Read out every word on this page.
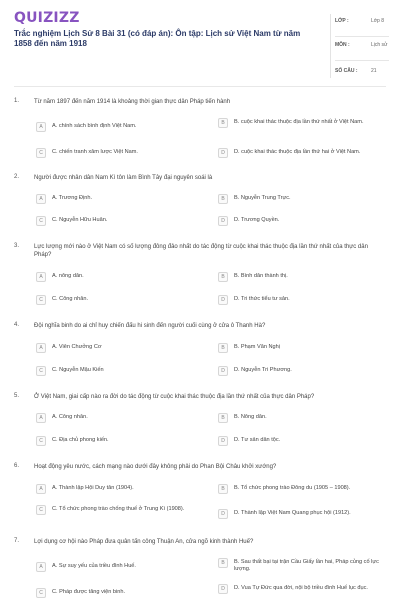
QUIZIZZ
Trắc nghiệm Lịch Sử 8 Bài 31 (có đáp án): Ôn tập: Lịch sử Việt Nam từ năm 1858 đến năm 1918
LỚP :	Lớp 8
MÔN :	Lịch sử
SỐ CÂU :	21
1. Từ năm 1897 đến năm 1914 là khoảng thời gian thực dân Pháp tiến hành
A	A. chính sách bình định Việt Nam.	B	B. cuộc khai thác thuộc địa lần thứ nhất ở Việt Nam.
C	C. chiến tranh xâm lược Việt Nam.	D	D. cuộc khai thác thuộc địa lần thứ hai ở Việt Nam.
2. Người được nhân dân Nam Kì tôn làm Bình Tây đại nguyên soái là
A	A. Trương Định.	B	B. Nguyễn Trung Trực.
C	C. Nguyễn Hữu Huân.	D	D. Trương Quyền.
3. Lực lượng mới nào ở Việt Nam có số lượng đông đảo nhất do tác động từ cuộc khai thác thuộc địa lần thứ nhất của thực dân Pháp?
A	A. nông dân.	B	B. Bình dân thành thị.
C	C. Công nhân.	D	D. Tri thức tiểu tư sản.
4. Đội nghĩa binh do ai chỉ huy chiến đấu hi sinh đến người cuối cùng ở cửa ô Thanh Hà?
A	A. Viên Chưởng Cơ	B	B. Phạm Văn Nghị
C	C. Nguyễn Mậu Kiến	D	D. Nguyễn Tri Phương.
5. Ở Việt Nam, giai cấp nào ra đời do tác động từ cuộc khai thác thuộc địa lần thứ nhất của thực dân Pháp?
A	A. Công nhân.	B	B. Nông dân.
C	C. Địa chủ phong kiến.	D	D. Tư sản dân tộc.
6. Hoạt động yêu nước, cách mạng nào dưới đây không phải do Phan Bội Châu khởi xướng?
A	A. Thành lập Hội Duy tân (1904).	B	B. Tổ chức phong trào Đông du (1905 – 1908).
C	C. Tổ chức phong trào chống thuế ở Trung Kì (1908).
D	D. Thành lập Việt Nam Quang phục hội (1912).
7. Lợi dụng cơ hội nào Pháp đưa quân tấn công Thuận An, cửa ngõ kinh thành Huế?
A	A. Sự suy yếu của triều đình Huế.	B	B. Sau thất bại tại trận Cầu Giấy lần hai, Pháp củng cố lực lượng.
C	C. Pháp được tăng viện binh.	D	D. Vua Tự Đức qua đời, nội bộ triều đình Huế lục đục.
